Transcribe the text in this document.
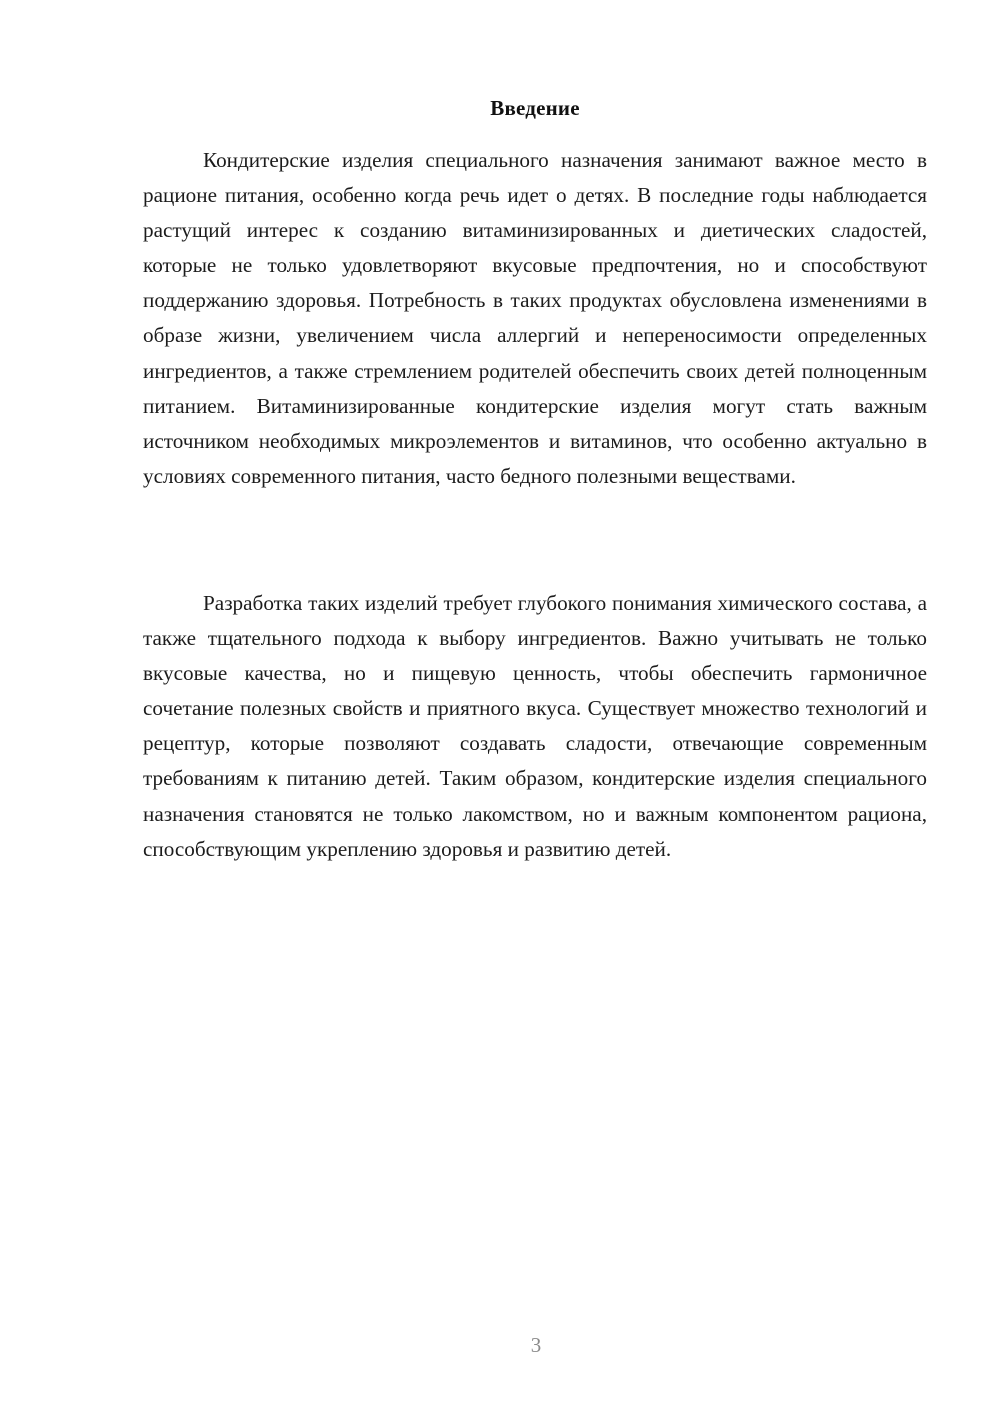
Введение

Кондитерские изделия специального назначения занимают важное место в рационе питания, особенно когда речь идет о детях. В последние годы наблюдается растущий интерес к созданию витаминизированных и диетических сладостей, которые не только удовлетворяют вкусовые предпочтения, но и способствуют поддержанию здоровья. Потребность в таких продуктах обусловлена изменениями в образе жизни, увеличением числа аллергий и непереносимости определенных ингредиентов, а также стремлением родителей обеспечить своих детей полноценным питанием. Витаминизированные кондитерские изделия могут стать важным источником необходимых микроэлементов и витаминов, что особенно актуально в условиях современного питания, часто бедного полезными веществами.

Разработка таких изделий требует глубокого понимания химического состава, а также тщательного подхода к выбору ингредиентов. Важно учитывать не только вкусовые качества, но и пищевую ценность, чтобы обеспечить гармоничное сочетание полезных свойств и приятного вкуса. Существует множество технологий и рецептур, которые позволяют создавать сладости, отвечающие современным требованиям к питанию детей. Таким образом, кондитерские изделия специального назначения становятся не только лакомством, но и важным компонентом рациона, способствующим укреплению здоровья и развитию детей.

3
